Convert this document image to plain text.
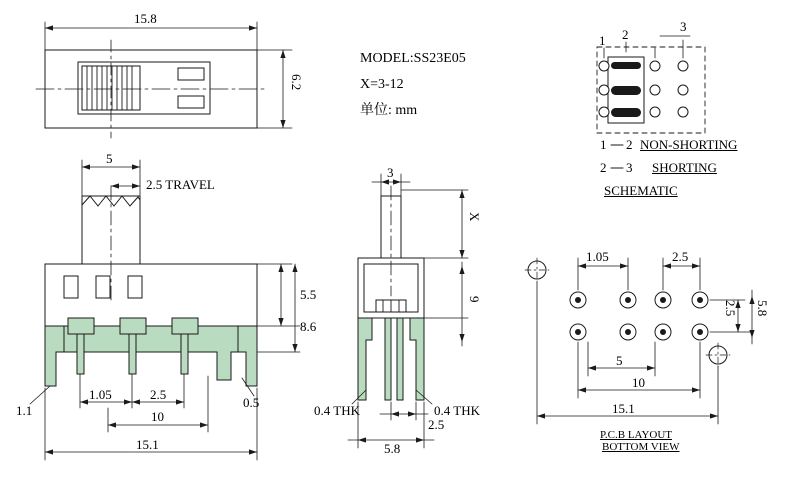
MODEL:SS23E05
X=3-12
单位: mm
15.8
6.2
5
2.5 TRAVEL
5.5
8.6
1.1
0.5
1.05	2.5
10
15.1
3
X
9
0.4 THK	0.4 THK
2.5
5.8
1 2
3
1 2 NON-SHORTING
2 3 SHORTING
SCHEMATIC
1.05	2.5
2.5 5.8
5
10
15.1
P.C.B LAYOUT
BOTTOM VIEW
